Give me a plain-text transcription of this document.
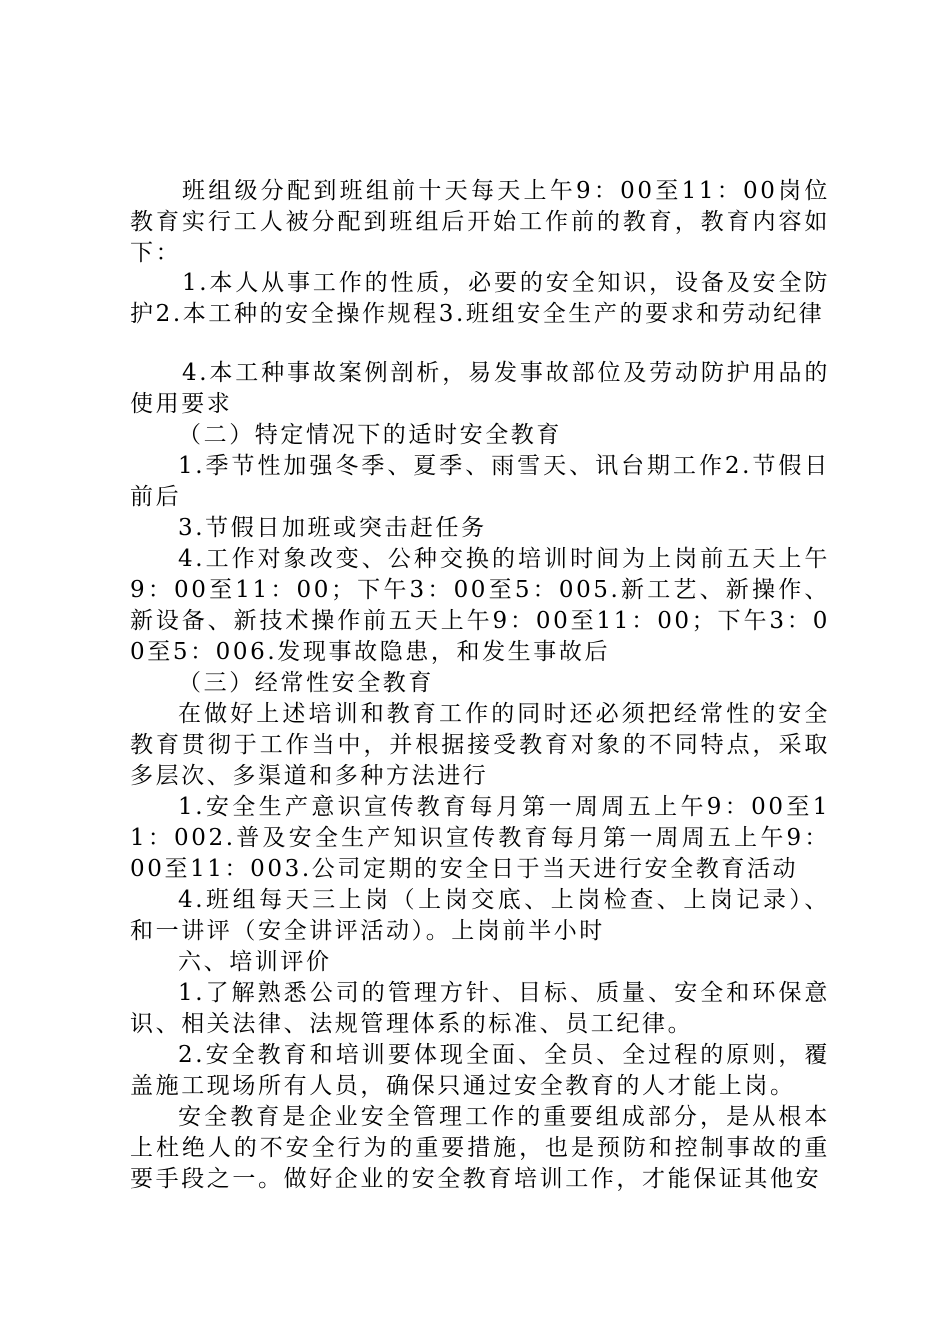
班组级分配到班组前十天每天上午9：00至11：00岗位教育实行工人被分配到班组后开始工作前的教育，教育内容如下：

1.本人从事工作的性质，必要的安全知识，设备及安全防护2.本工种的安全操作规程3.班组安全生产的要求和劳动纪律

4.本工种事故案例剖析，易发事故部位及劳动防护用品的使用要求

（二）特定情况下的适时安全教育

1.季节性加强冬季、夏季、雨雪天、讯台期工作2.节假日前后

3.节假日加班或突击赶任务

4.工作对象改变、公种交换的培训时间为上岗前五天上午9：00至11：00；下午3：00至5：005.新工艺、新操作、新设备、新技术操作前五天上午9：00至11：00；下午3：00至5：006.发现事故隐患，和发生事故后

（三）经常性安全教育

在做好上述培训和教育工作的同时还必须把经常性的安全教育贯彻于工作当中，并根据接受教育对象的不同特点，采取多层次、多渠道和多种方法进行

1.安全生产意识宣传教育每月第一周周五上午9：00至11：002.普及安全生产知识宣传教育每月第一周周五上午9：00至11：003.公司定期的安全日于当天进行安全教育活动

4.班组每天三上岗（上岗交底、上岗检查、上岗记录）、和一讲评（安全讲评活动）。上岗前半小时

六、培训评价

1.了解熟悉公司的管理方针、目标、质量、安全和环保意识、相关法律、法规管理体系的标准、员工纪律。

2.安全教育和培训要体现全面、全员、全过程的原则，覆盖施工现场所有人员，确保只通过安全教育的人才能上岗。

安全教育是企业安全管理工作的重要组成部分，是从根本上杜绝人的不安全行为的重要措施，也是预防和控制事故的重要手段之一。做好企业的安全教育培训工作，才能保证其他安
